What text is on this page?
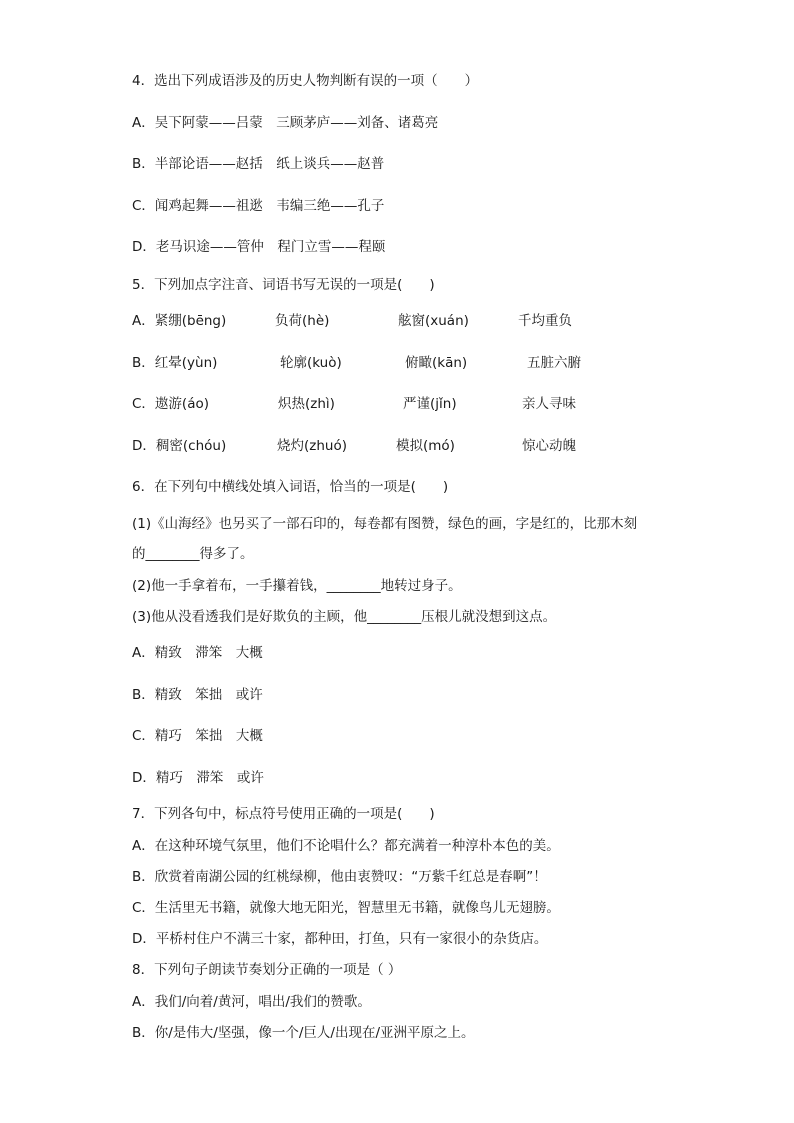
4．选出下列成语涉及的历史人物判断有误的一项（　　）
A．吴下阿蒙——吕蒙　三顾茅庐——刘备、诸葛亮
B．半部论语——赵括　纸上谈兵——赵普
C．闻鸡起舞——祖逖　韦编三绝——孔子
D．老马识途——管仲　程门立雪——程颐
5．下列加点字注音、词语书写无误的一项是(　　)
A．紧绷(bēng)	负荷(hè)	舷窗(xuán)	千均重负
B．红晕(yùn)	轮廓(kuò)	俯瞰(kān)	五脏六腑
C．遨游(áo)	炽热(zhì)	严谨(jǐn)	亲人寻味
D．稠密(chóu)	烧灼(zhuó)	模拟(mó)	惊心动魄
6．在下列句中横线处填入词语，恰当的一项是(　　)
(1)《山海经》也另买了一部石印的，每卷都有图赞，绿色的画，字是红的，比那木刻
的________得多了。
(2)他一手拿着布，一手攥着钱，________地转过身子。
(3)他从没看透我们是好欺负的主顾，他________压根儿就没想到这点。
A．精致　滞笨　大概
B．精致　笨拙　或许
C．精巧　笨拙　大概
D．精巧　滞笨　或许
7．下列各句中，标点符号使用正确的一项是(　　)
A．在这种环境气氛里，他们不论唱什么？都充满着一种淳朴本色的美。
B．欣赏着南湖公园的红桃绿柳，他由衷赞叹：“万紫千红总是春啊”！
C．生活里无书籍，就像大地无阳光，智慧里无书籍，就像鸟儿无翅膀。
D．平桥村住户不满三十家，都种田，打鱼，只有一家很小的杂货店。
8．下列句子朗读节奏划分正确的一项是（ ）
A．我们/向着/黄河，唱出/我们的赞歌。
B．你/是伟大/坚强，像一个/巨人/出现在/亚洲平原之上。
